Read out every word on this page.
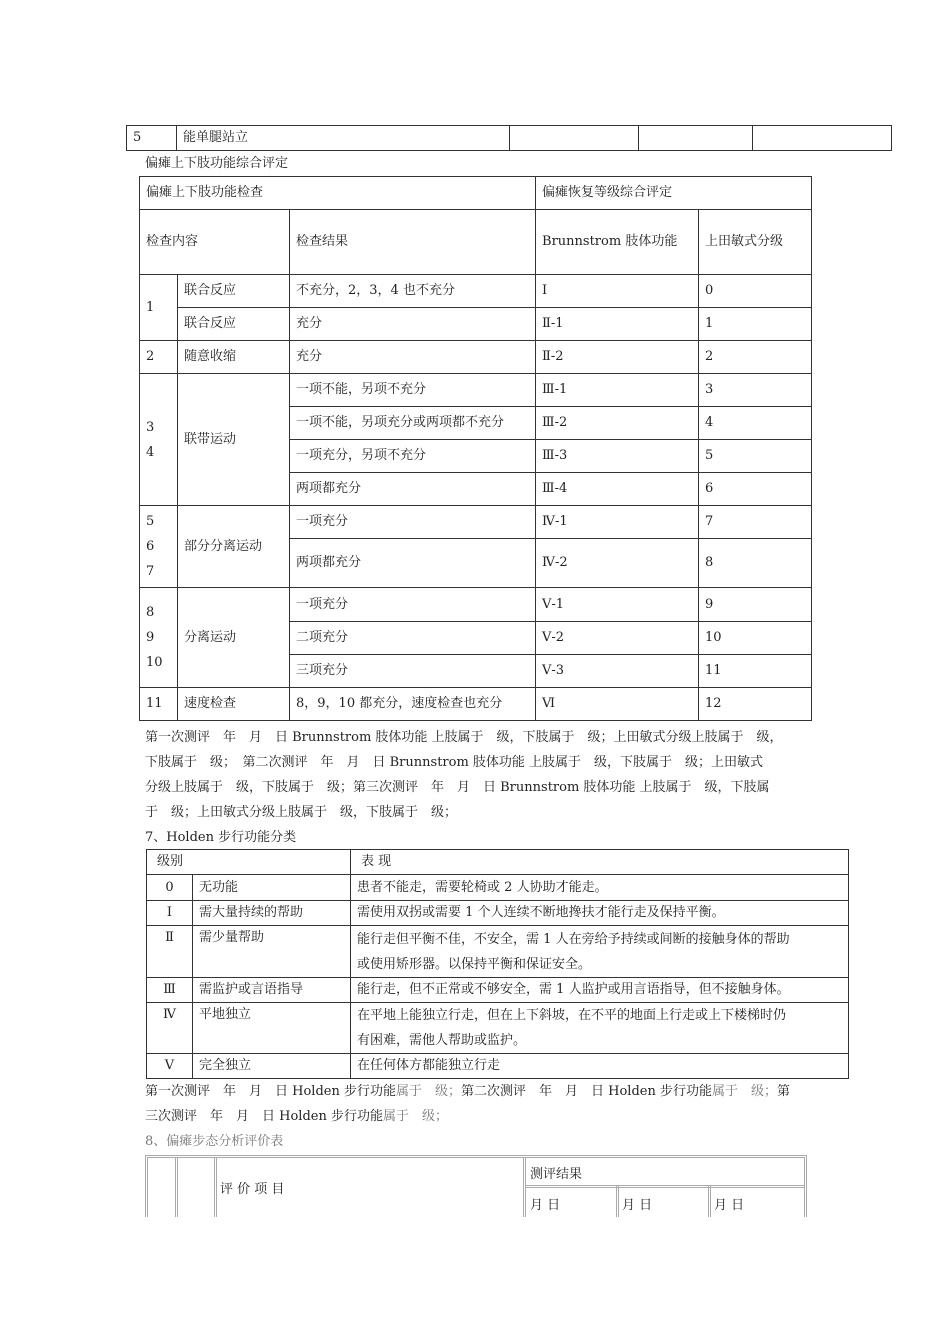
5	能单腿站立			
偏瘫上下肢功能综合评定
偏瘫上下肢功能检查			偏瘫恢复等级综合评定	
检查内容		检查结果	Brunnstrom 肢体功能	上田敏式分级
1	联合反应	不充分，2，3，4 也不充分	Ⅰ	0
	联合反应	充分	Ⅱ-1	1
2	随意收缩	充分	Ⅱ-2	2
3
4	联带运动	一项不能，另项不充分	Ⅲ-1	3
		一项不能，另项充分或两项都不充分	Ⅲ-2	4
		一项充分，另项不充分	Ⅲ-3	5
		两项都充分	Ⅲ-4	6
5
6
7	部分分离运动	一项充分	Ⅳ-1	7
		两项都充分	Ⅳ-2	8
8
9
10	分离运动	一项充分	Ⅴ-1	9
		二项充分	Ⅴ-2	10
		三项充分	Ⅴ-3	11
11	速度检查	8，9，10 都充分，速度检查也充分	Ⅵ	12
第一次测评　年　月　日 Brunnstrom 肢体功能 上肢属于　级，下肢属于　级；上田敏式分级上肢属于　级，
下肢属于　级；　第二次测评　年　月　日 Brunnstrom 肢体功能 上肢属于　级，下肢属于　级；上田敏式
分级上肢属于　级，下肢属于　级；第三次测评　年　月　日 Brunnstrom 肢体功能 上肢属于　级，下肢属
于　级；上田敏式分级上肢属于　级，下肢属于　级；
7、Holden 步行功能分类
级别		表 现
0	无功能	患者不能走，需要轮椅或 2 人协助才能走。
Ⅰ	需大量持续的帮助	需使用双拐或需要 1 个人连续不断地搀扶才能行走及保持平衡。
Ⅱ	需少量帮助	能行走但平衡不佳，不安全，需 1 人在旁给予持续或间断的接触身体的帮助
或使用矫形器。以保持平衡和保证安全。

Ⅲ	需监护或言语指导	能行走，但不正常或不够安全，需 1 人监护或用言语指导，但不接触身体。
Ⅳ	平地独立	在平地上能独立行走，但在上下斜坡，在不平的地面上行走或上下楼梯时仍
有困难，需他人帮助或监护。

Ⅴ	完全独立	在任何体方都能独立行走
第一次测评　年　月　日 Holden 步行功能属于　级；第二次测评　年　月　日 Holden 步行功能属于　级；第
三次测评　年　月　日 Holden 步行功能属于　级；
8、偏瘫步态分析评价表
评 价 项 目
测评结果
月 日	月 日	月 日
